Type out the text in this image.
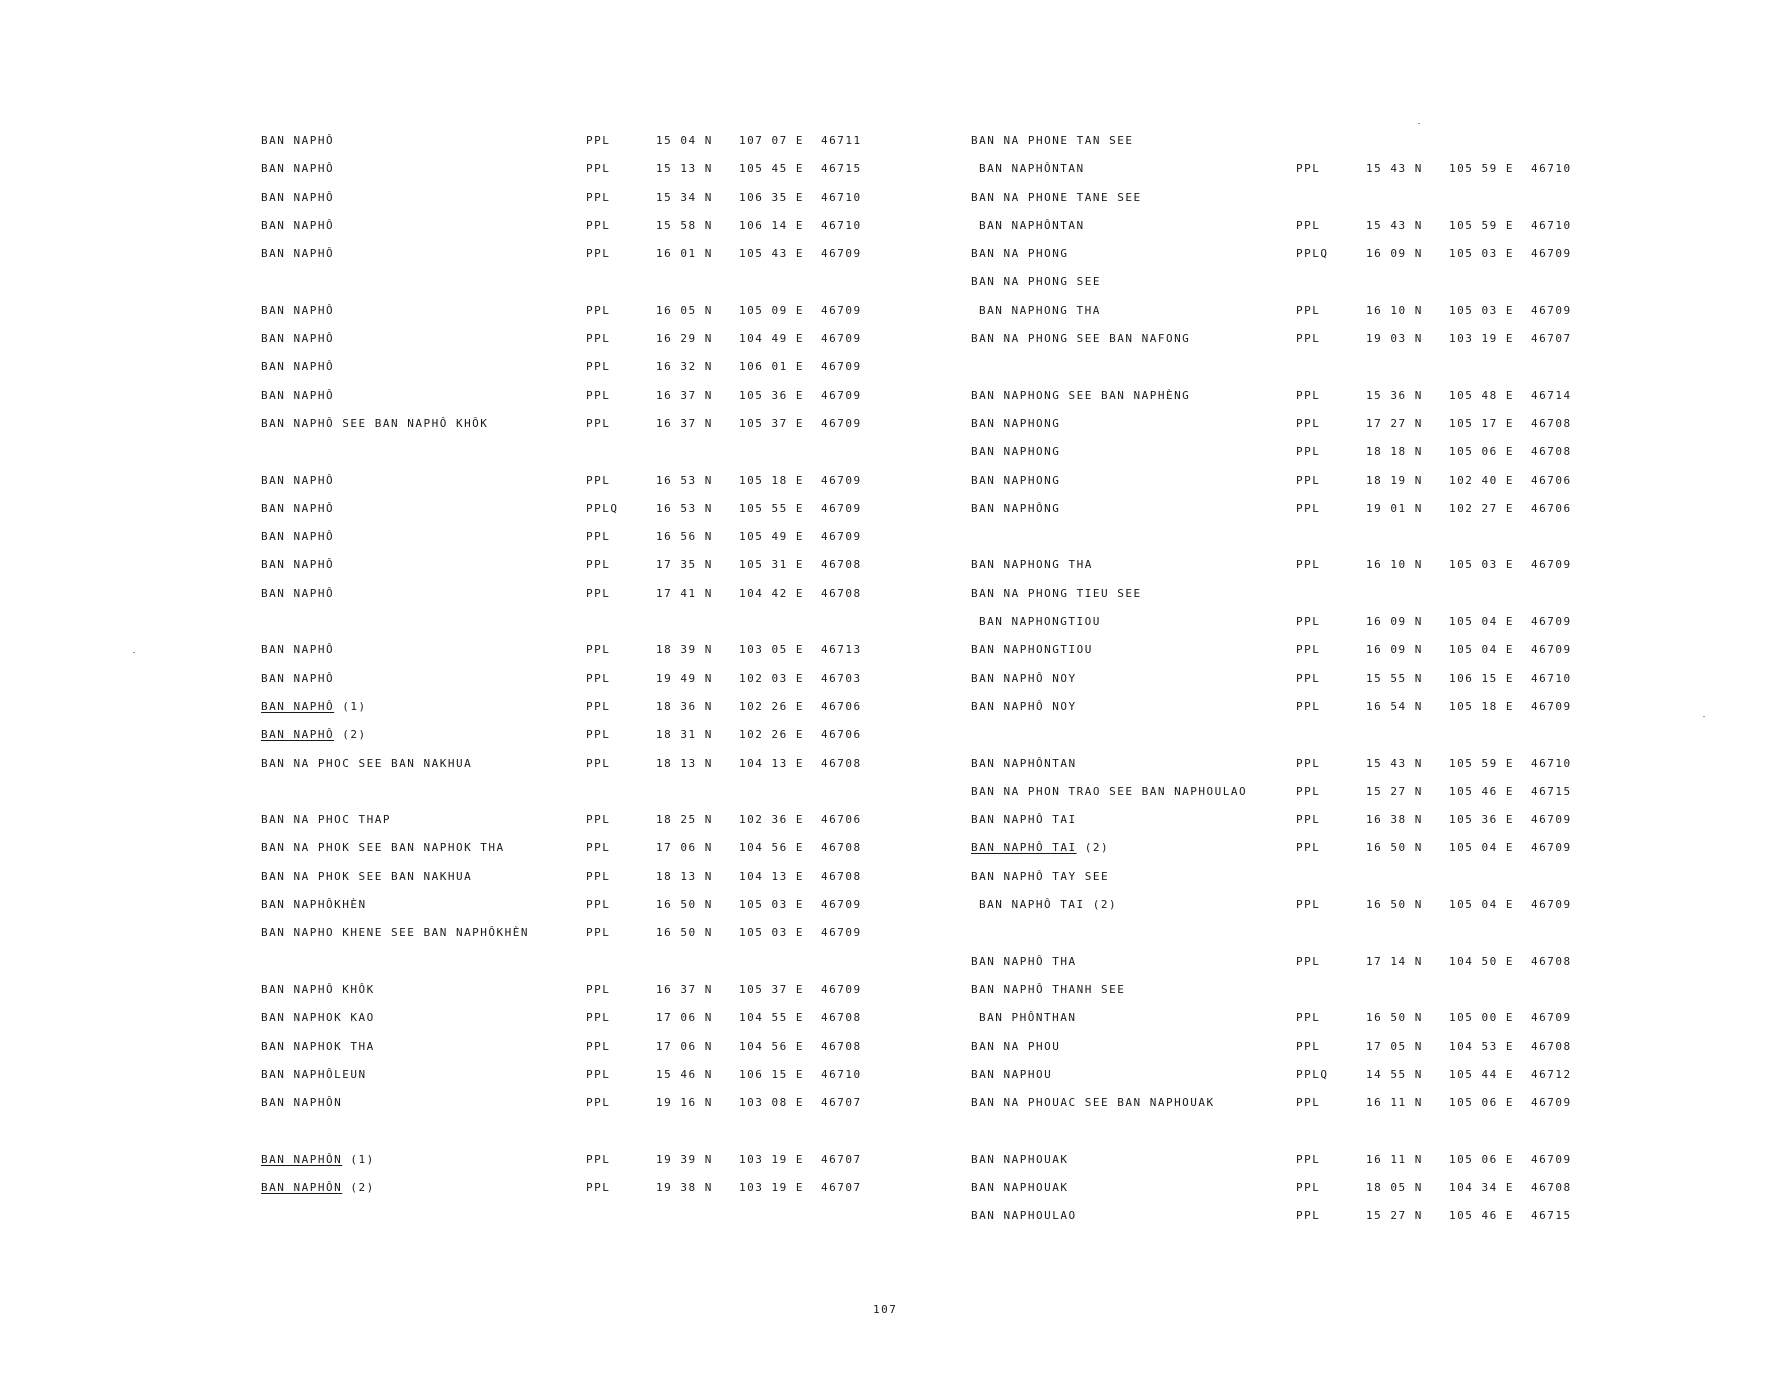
BAN NAPHÔ	PPL	15 04 N 107 07 E 46711
BAN NAPHÔ	PPL	15 13 N 105 45 E 46715
BAN NAPHÔ	PPL	15 34 N 106 35 E 46710
BAN NAPHÔ	PPL	15 58 N 106 14 E 46710
BAN NAPHÔ	PPL	16 01 N 105 43 E 46709
BAN NAPHÔ	PPL	16 05 N 105 09 E 46709
BAN NAPHÔ	PPL	16 29 N 104 49 E 46709
BAN NAPHÔ	PPL	16 32 N 106 01 E 46709
BAN NAPHÔ	PPL	16 37 N 105 36 E 46709
BAN NAPHÔ SEE BAN NAPHÔ KHÔK	PPL	16 37 N 105 37 E 46709
BAN NAPHÔ	PPL	16 53 N 105 18 E 46709
BAN NAPHÔ	PPLQ	16 53 N 105 55 E 46709
BAN NAPHÔ	PPL	16 56 N 105 49 E 46709
BAN NAPHÔ	PPL	17 35 N 105 31 E 46708
BAN NAPHÔ	PPL	17 41 N 104 42 E 46708
BAN NAPHÔ	PPL	18 39 N 103 05 E 46713
BAN NAPHÔ	PPL	19 49 N 102 03 E 46703
BAN NAPHÔ (1)	PPL	18 36 N 102 26 E 46706
BAN NAPHÔ (2)	PPL	18 31 N 102 26 E 46706
BAN NA PHOC SEE BAN NAKHUA	PPL	18 13 N 104 13 E 46708
BAN NA PHOC THAP	PPL	18 25 N 102 36 E 46706
BAN NA PHOK SEE BAN NAPHOK THA	PPL	17 06 N 104 56 E 46708
BAN NA PHOK SEE BAN NAKHUA	PPL	18 13 N 104 13 E 46708
BAN NAPHÔKHÈN	PPL	16 50 N 105 03 E 46709
BAN NAPHO KHENE SEE BAN NAPHÔKHÈN	PPL	16 50 N 105 03 E 46709
BAN NAPHÔ KHÔK	PPL	16 37 N 105 37 E 46709
BAN NAPHOK KAO	PPL	17 06 N 104 55 E 46708
BAN NAPHOK THA	PPL	17 06 N 104 56 E 46708
BAN NAPHÔLEUN	PPL	15 46 N 106 15 E 46710
BAN NAPHÔN	PPL	19 16 N 103 08 E 46707
BAN NAPHÔN (1)	PPL	19 39 N 103 19 E 46707
BAN NAPHÔN (2)	PPL	19 38 N 103 19 E 46707
BAN NA PHONE TAN SEE
BAN NAPHÔNTAN	PPL	15 43 N 105 59 E 46710
BAN NA PHONE TANE SEE
BAN NAPHÔNTAN	PPL	15 43 N 105 59 E 46710
BAN NA PHONG	PPLQ	16 09 N 105 03 E 46709
BAN NA PHONG SEE
BAN NAPHONG THA	PPL	16 10 N 105 03 E 46709
BAN NA PHONG SEE BAN NAFONG	PPL	19 03 N 103 19 E 46707
BAN NAPHONG SEE BAN NAPHÈNG	PPL	15 36 N 105 48 E 46714
BAN NAPHONG	PPL	17 27 N 105 17 E 46708
BAN NAPHONG	PPL	18 18 N 105 06 E 46708
BAN NAPHONG	PPL	18 19 N 102 40 E 46706
BAN NAPHÔNG	PPL	19 01 N 102 27 E 46706
BAN NAPHONG THA	PPL	16 10 N 105 03 E 46709
BAN NA PHONG TIEU SEE
BAN NAPHONGTIOU	PPL	16 09 N 105 04 E 46709
BAN NAPHONGTIOU	PPL	16 09 N 105 04 E 46709
BAN NAPHÔ NOY	PPL	15 55 N 106 15 E 46710
BAN NAPHÔ NOY	PPL	16 54 N 105 18 E 46709
BAN NAPHÔNTAN	PPL	15 43 N 105 59 E 46710
BAN NA PHON TRAO SEE BAN NAPHOULAO	PPL	15 27 N 105 46 E 46715
BAN NAPHÔ TAI	PPL	16 38 N 105 36 E 46709
BAN NAPHÔ TAI (2)	PPL	16 50 N 105 04 E 46709
BAN NAPHÔ TAY SEE
BAN NAPHÔ TAI (2)	PPL	16 50 N 105 04 E 46709
BAN NAPHÔ THA	PPL	17 14 N 104 50 E 46708
BAN NAPHÔ THANH SEE
BAN PHÔNTHAN	PPL	16 50 N 105 00 E 46709
BAN NA PHOU	PPL	17 05 N 104 53 E 46708
BAN NAPHOU	PPLQ	14 55 N 105 44 E 46712
BAN NA PHOUAC SEE BAN NAPHOUAK	PPL	16 11 N 105 06 E 46709
BAN NAPHOUAK	PPL	16 11 N 105 06 E 46709
BAN NAPHOUAK	PPL	18 05 N 104 34 E 46708
BAN NAPHOULAO	PPL	15 27 N 105 46 E 46715
107
